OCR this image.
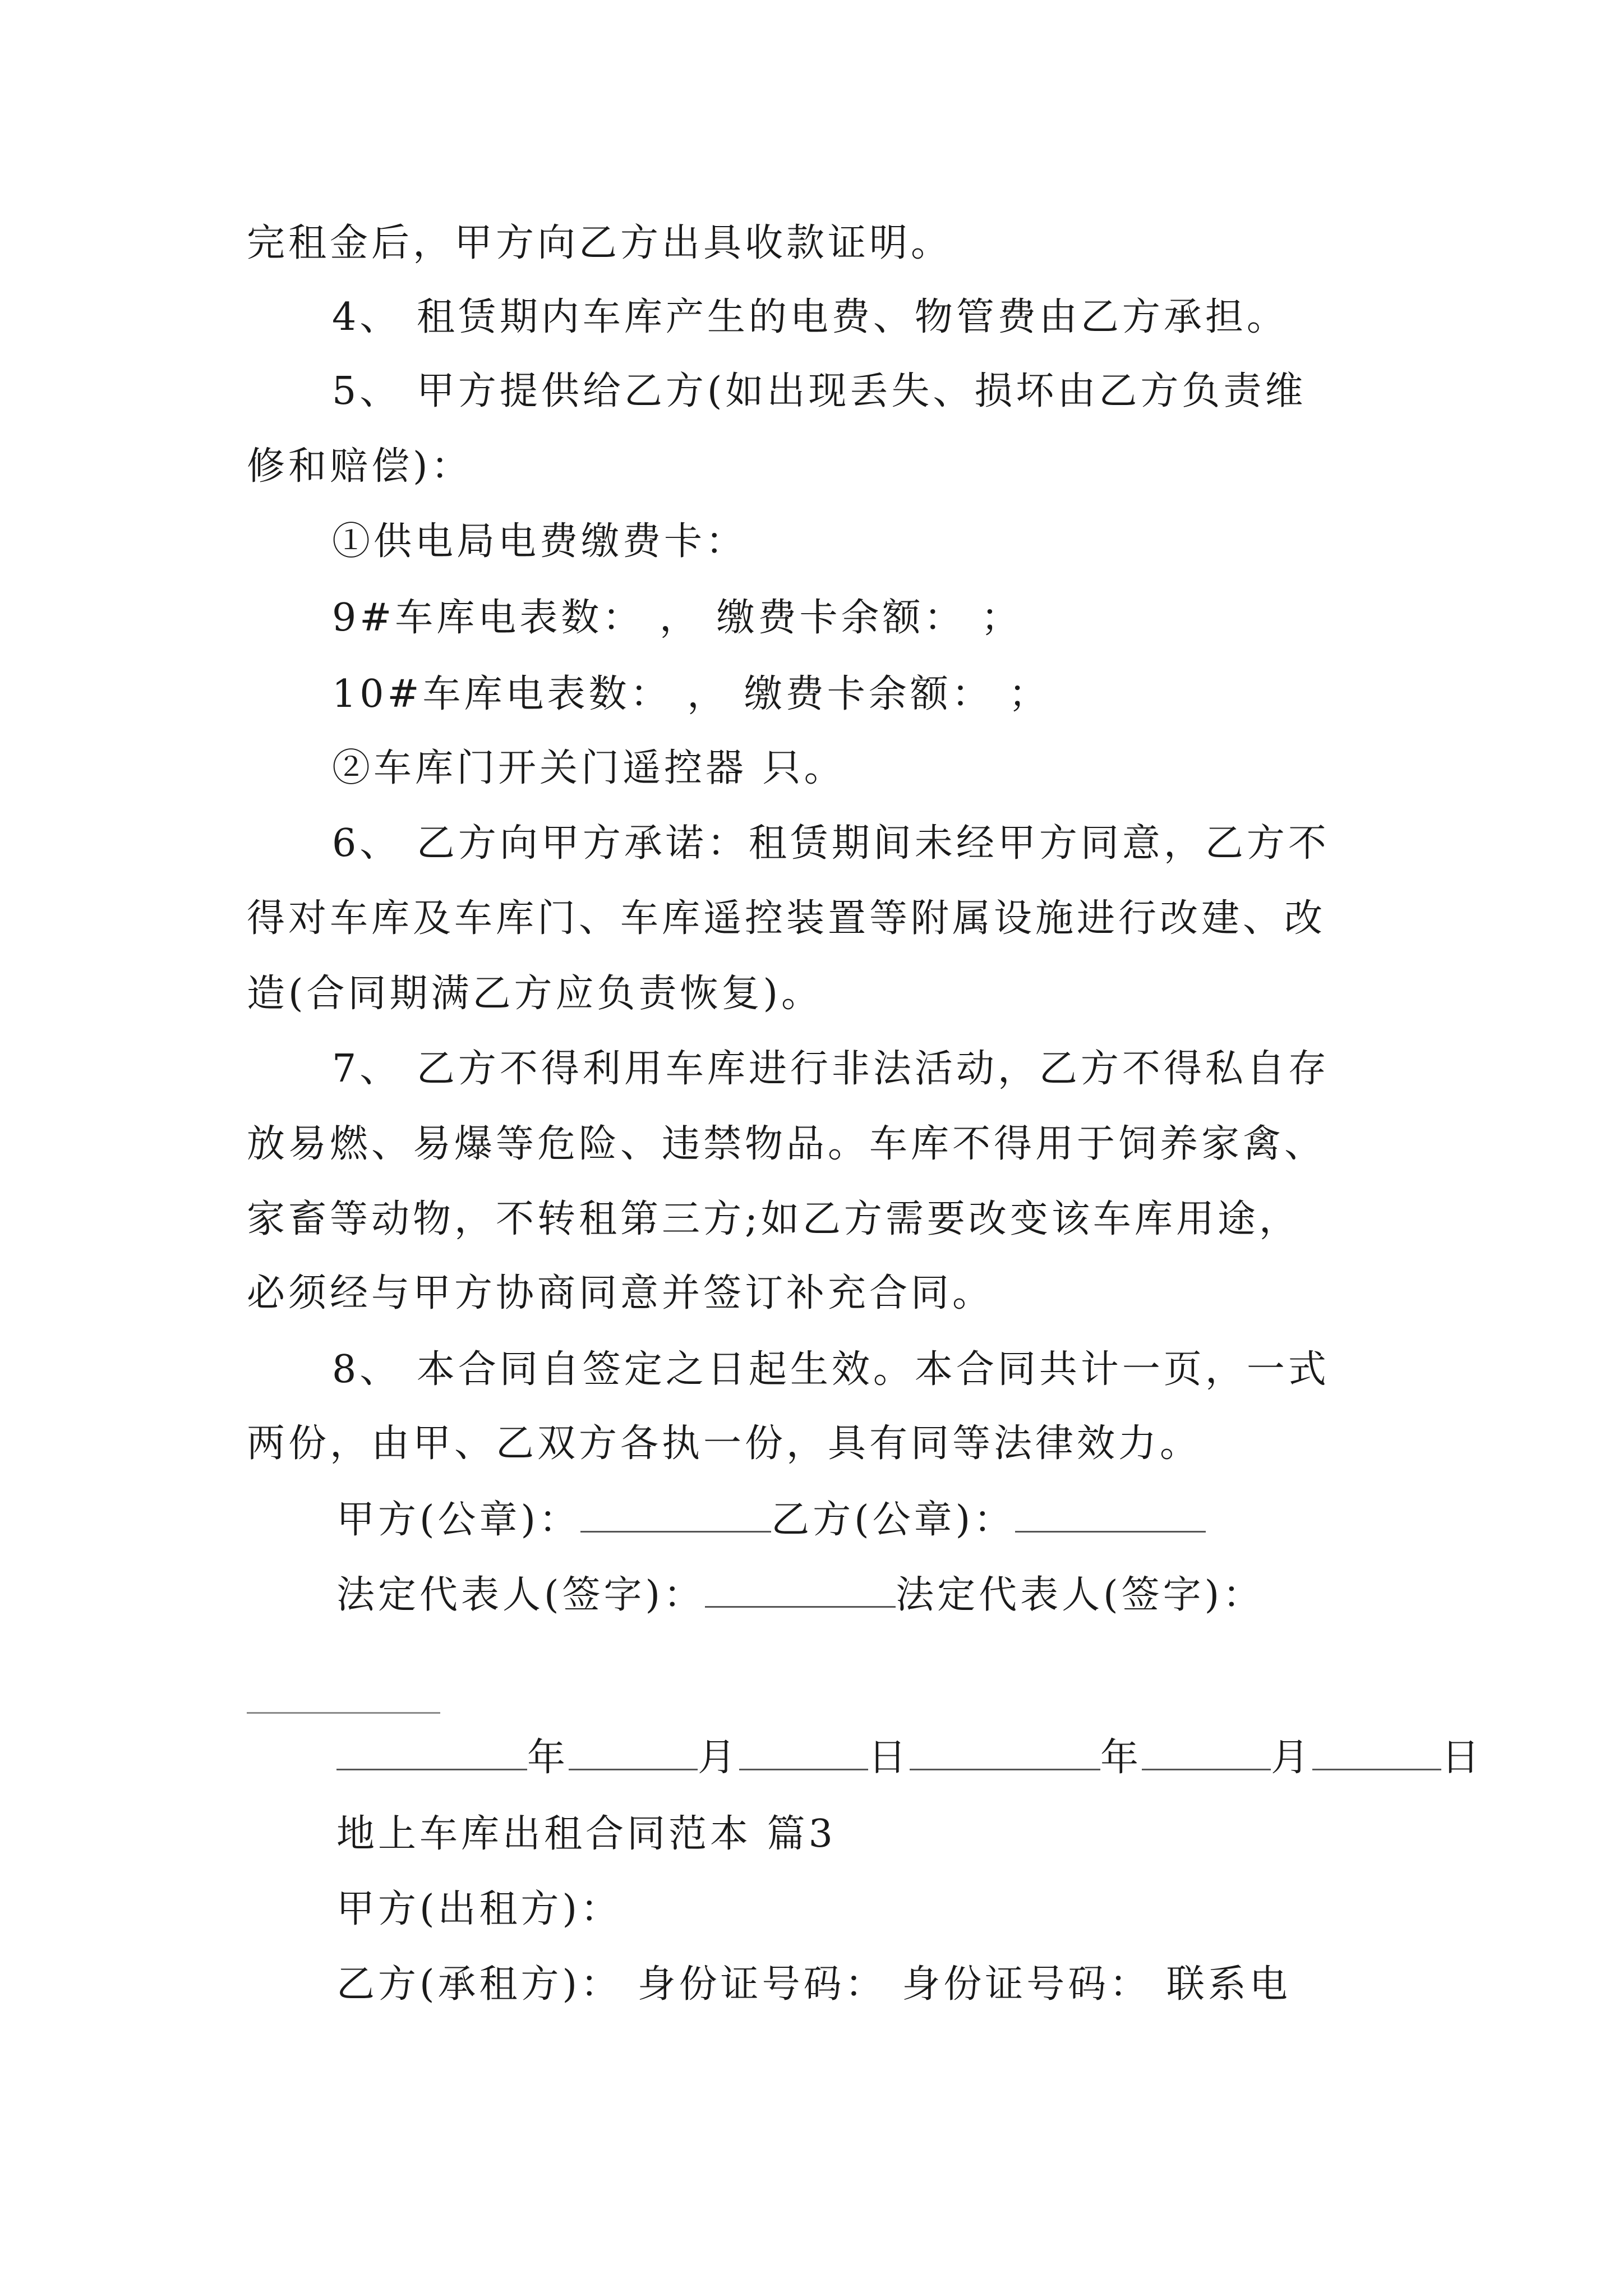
完租金后，甲方向乙方出具收款证明。
4、 租赁期内车库产生的电费、物管费由乙方承担。
5、 甲方提供给乙方(如出现丢失、损坏由乙方负责维
修和赔偿)：
①供电局电费缴费卡：
9#车库电表数： ， 缴费卡余额： ；
10#车库电表数： ， 缴费卡余额： ；
②车库门开关门遥控器 只。
6、 乙方向甲方承诺：租赁期间未经甲方同意，乙方不
得对车库及车库门、车库遥控装置等附属设施进行改建、改
造(合同期满乙方应负责恢复)。
7、 乙方不得利用车库进行非法活动，乙方不得私自存
放易燃、易爆等危险、违禁物品。车库不得用于饲养家禽、
家畜等动物，不转租第三方;如乙方需要改变该车库用途，
必须经与甲方协商同意并签订补充合同。
8、 本合同自签定之日起生效。本合同共计一页，一式
两份，由甲、乙双方各执一份，具有同等法律效力。
甲方(公章)：	乙方(公章)：
法定代表人(签字)：	法定代表人(签字)：
年	月	日	年	月	日
地上车库出租合同范本 篇3
甲方(出租方)：
乙方(承租方)： 身份证号码： 身份证号码： 联系电
